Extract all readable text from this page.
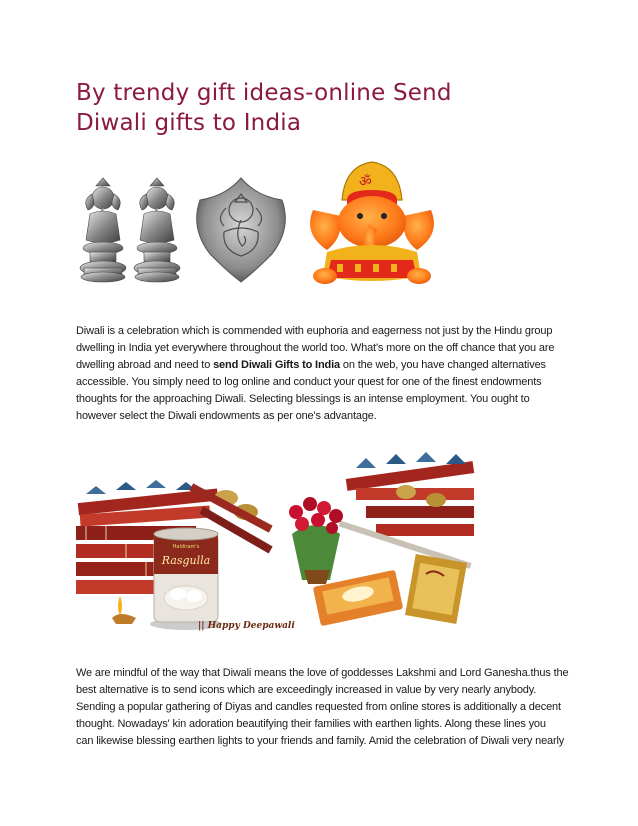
By trendy gift ideas-online Send
Diwali gifts to India
ॐ

Diwali is a celebration which is commended with euphoria and eagerness not just by the Hindu group
dwelling in India yet everywhere throughout the world too. What's more on the off chance that you are
dwelling abroad and need to send Diwali Gifts to India on the web, you have changed alternatives
accessible. You simply need to log online and conduct your quest for one of the finest endowments
thoughts for the approaching Diwali. Selecting blessings is an intense employment. You ought to
however select the Diwali endowments as per one's advantage.

Haldiram's
Rasgulla
|| Happy Deepawali

We are mindful of the way that Diwali means the love of goddesses Lakshmi and Lord Ganesha.thus the
best alternative is to send icons which are exceedingly increased in value by very nearly anybody.
Sending a popular gathering of Diyas and candles requested from online stores is additionally a decent
thought. Nowadays' kin adoration beautifying their families with earthen lights. Along these lines you
can likewise blessing earthen lights to your friends and family. Amid the celebration of Diwali very nearly
